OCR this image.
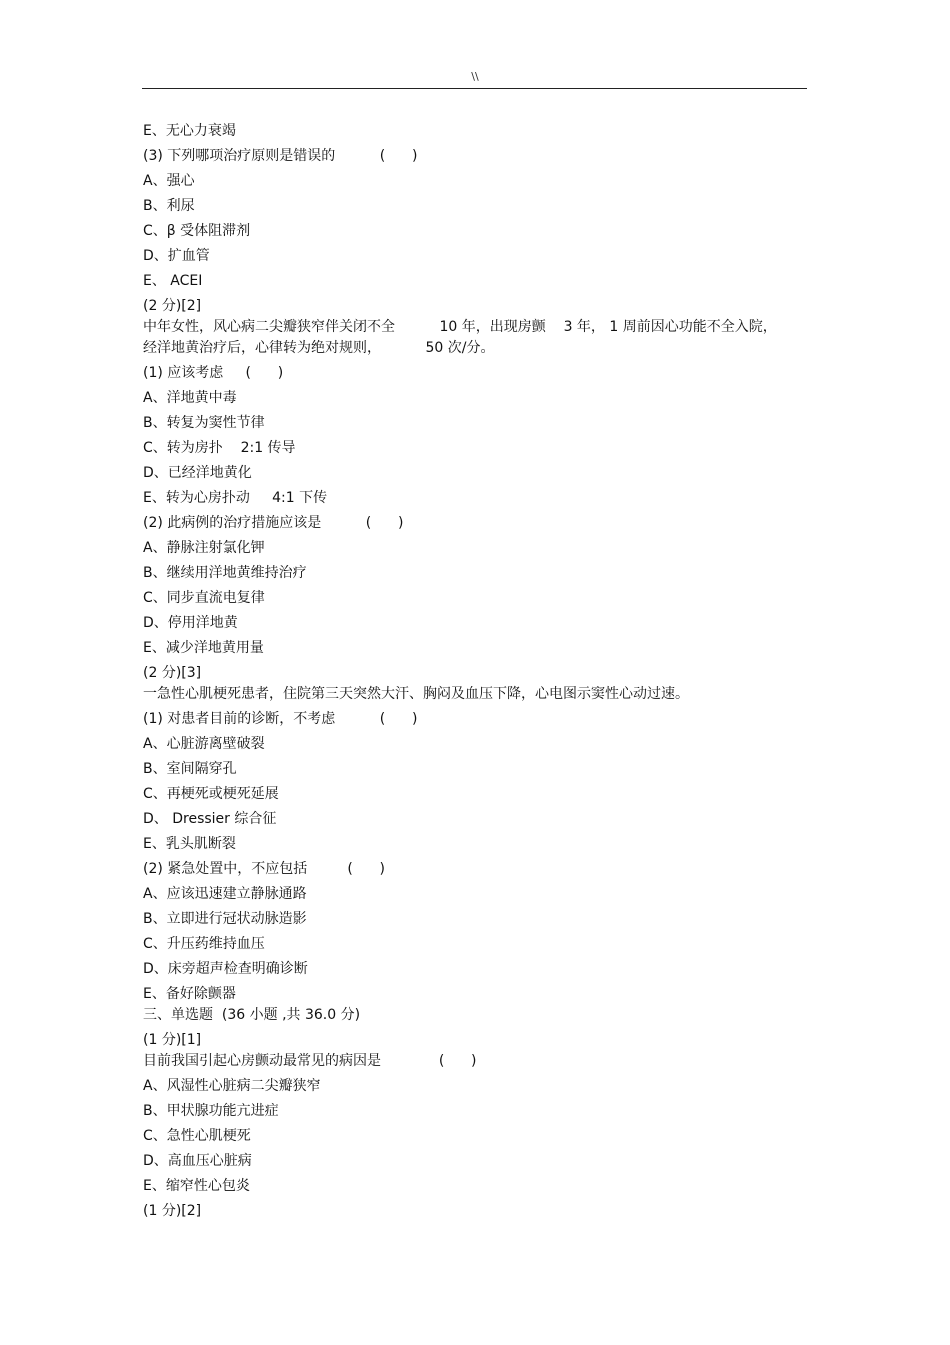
\\
E、无心力衰竭
(3) 下列哪项治疗原则是错误的          (      )
A、强心
B、利尿
C、β 受体阻滞剂
D、扩血管
E、 ACEI
(2 分)[2]
中年女性，风心病二尖瓣狭窄伴关闭不全          10 年，出现房颤    3 年， 1 周前因心功能不全入院，
经洋地黄治疗后，心律转为绝对规则，          50 次/分。
(1) 应该考虑     (      )
A、洋地黄中毒
B、转复为窦性节律
C、转为房扑    2:1 传导
D、已经洋地黄化
E、转为心房扑动     4:1 下传
(2) 此病例的治疗措施应该是          (      )
A、静脉注射氯化钾
B、继续用洋地黄维持治疗
C、同步直流电复律
D、停用洋地黄
E、减少洋地黄用量
(2 分)[3]
一急性心肌梗死患者，住院第三天突然大汗、胸闷及血压下降，心电图示窦性心动过速。
(1) 对患者目前的诊断，不考虑          (      )
A、心脏游离壁破裂
B、室间隔穿孔
C、再梗死或梗死延展
D、 Dressier 综合征
E、乳头肌断裂
(2) 紧急处置中，不应包括         (      )
A、应该迅速建立静脉通路
B、立即进行冠状动脉造影
C、升压药维持血压
D、床旁超声检查明确诊断
E、备好除颤器
三、单选题  (36 小题 ,共 36.0 分)
(1 分)[1]
目前我国引起心房颤动最常见的病因是             (      )
A、风湿性心脏病二尖瓣狭窄
B、甲状腺功能亢进症
C、急性心肌梗死
D、高血压心脏病
E、缩窄性心包炎
(1 分)[2]
